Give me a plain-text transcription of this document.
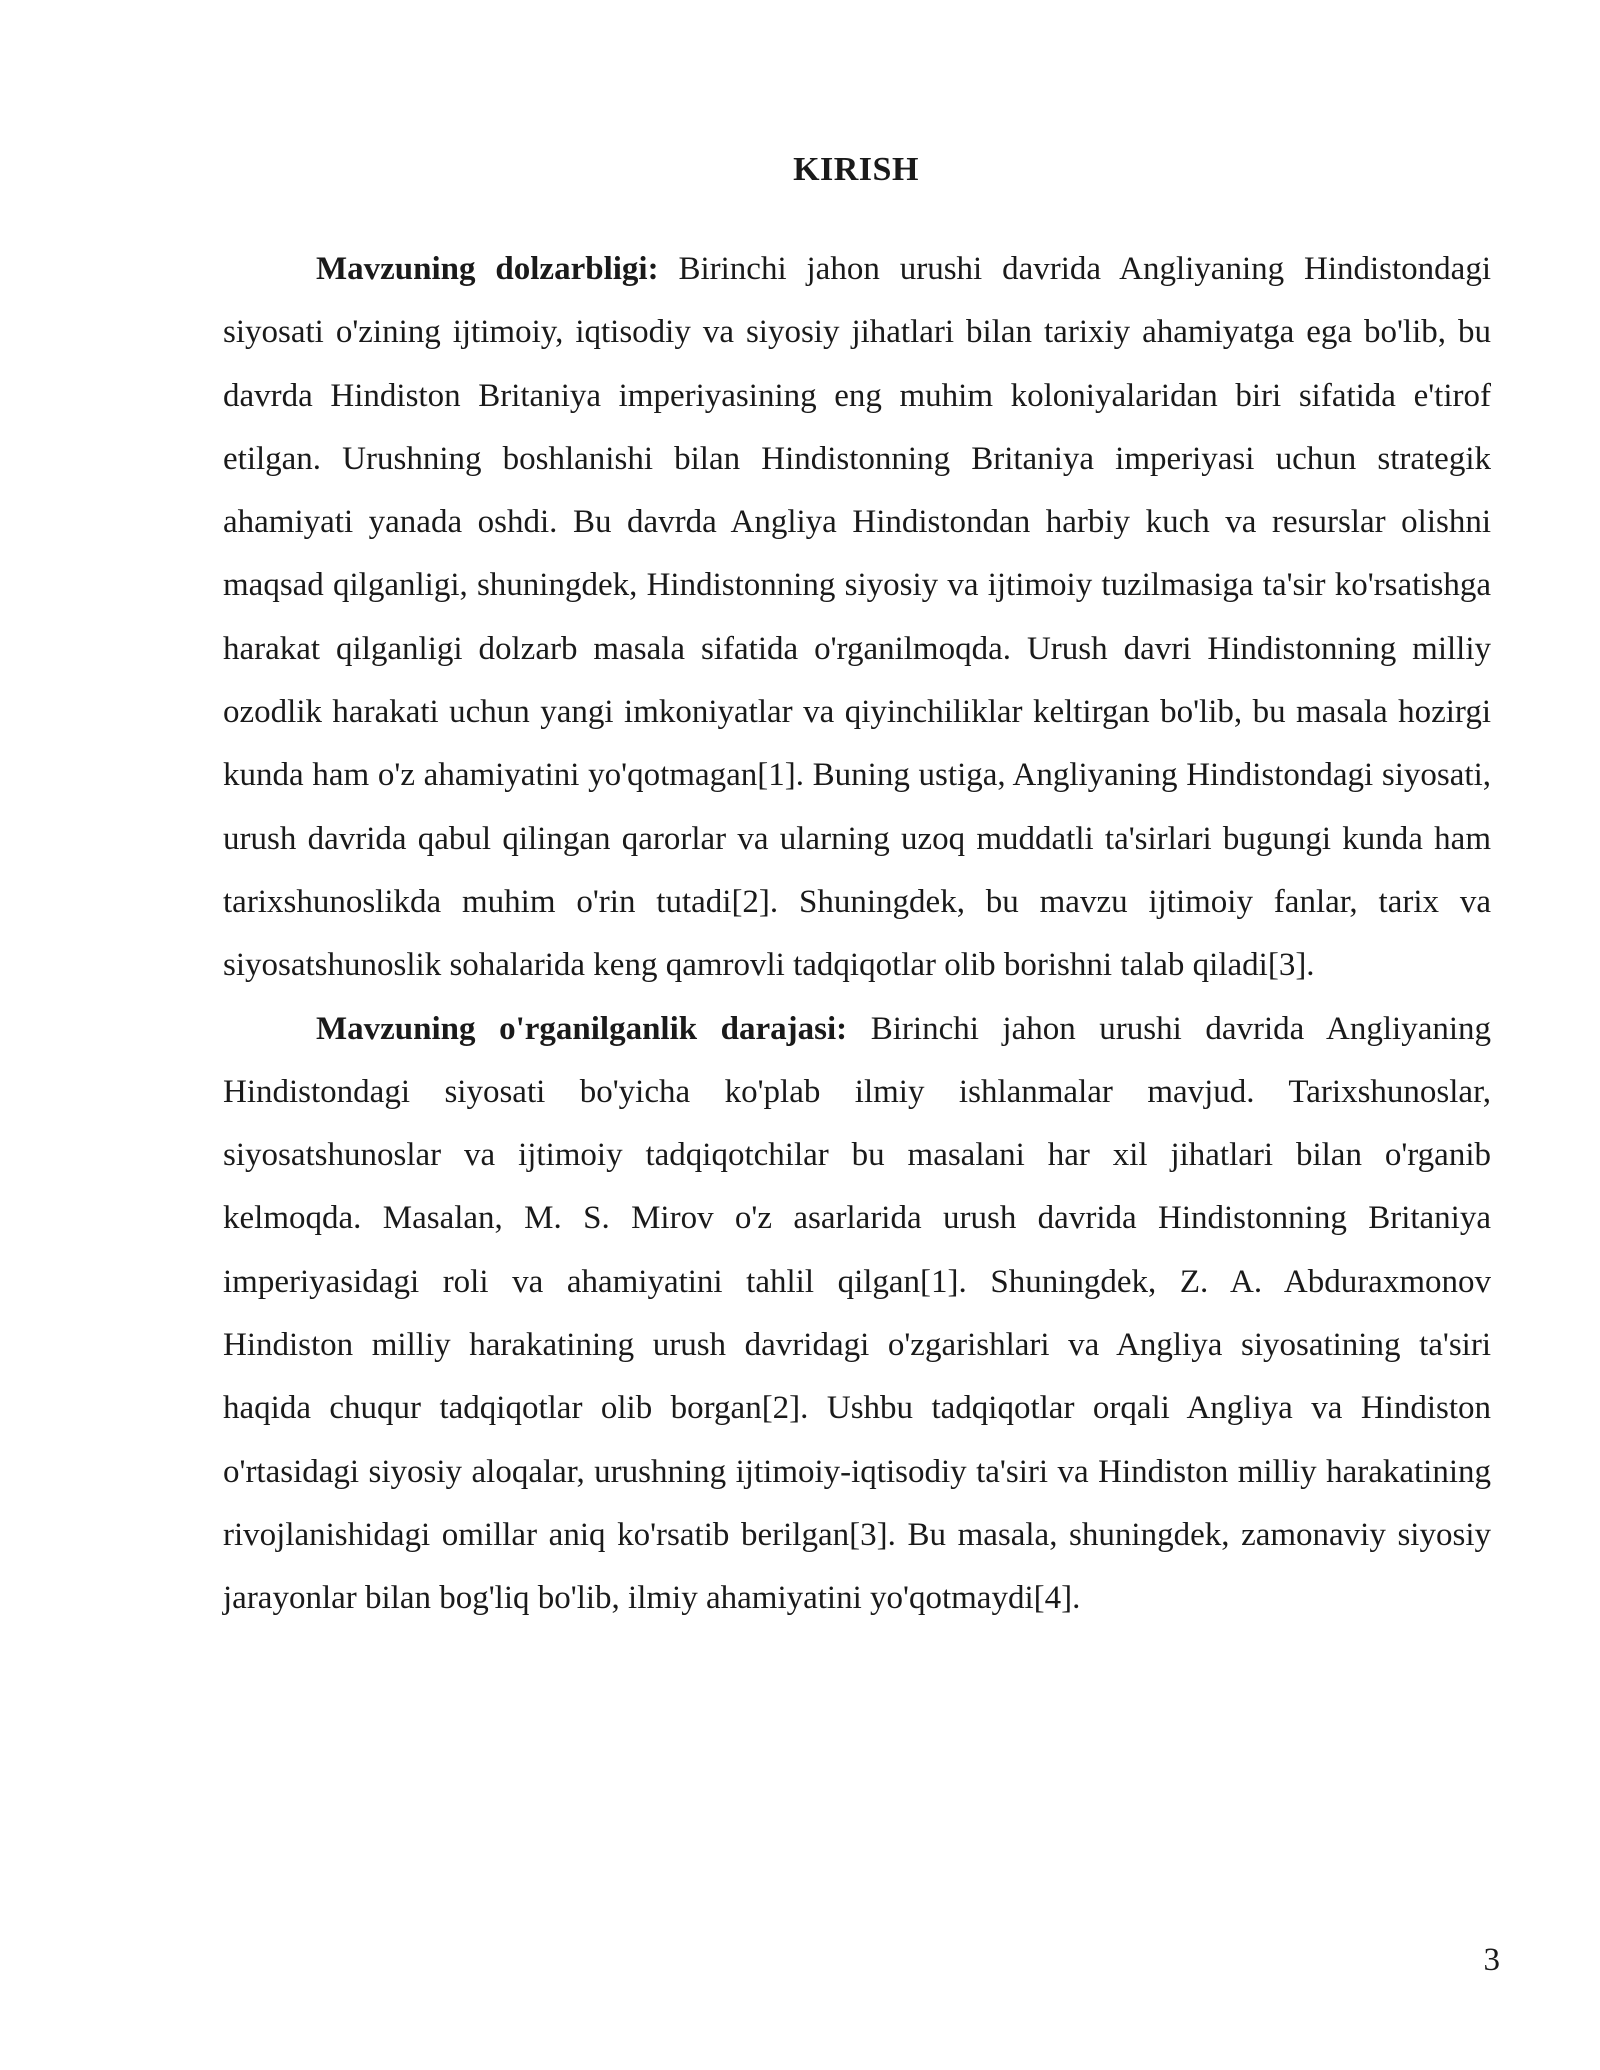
KIRISH

Mavzuning dolzarbligi: Birinchi jahon urushi davrida Angliyaning Hindistondagi siyosati o'zining ijtimoiy, iqtisodiy va siyosiy jihatlari bilan tarixiy ahamiyatga ega bo'lib, bu davrda Hindiston Britaniya imperiyasining eng muhim koloniyalaridan biri sifatida e'tirof etilgan. Urushning boshlanishi bilan Hindistonning Britaniya imperiyasi uchun strategik ahamiyati yanada oshdi. Bu davrda Angliya Hindistondan harbiy kuch va resurslar olishni maqsad qilganligi, shuningdek, Hindistonning siyosiy va ijtimoiy tuzilmasiga ta'sir ko'rsatishga harakat qilganligi dolzarb masala sifatida o'rganilmoqda. Urush davri Hindistonning milliy ozodlik harakati uchun yangi imkoniyatlar va qiyinchiliklar keltirgan bo'lib, bu masala hozirgi kunda ham o'z ahamiyatini yo'qotmagan[1]. Buning ustiga, Angliyaning Hindistondagi siyosati, urush davrida qabul qilingan qarorlar va ularning uzoq muddatli ta'sirlari bugungi kunda ham tarixshunoslikda muhim o'rin tutadi[2]. Shuningdek, bu mavzu ijtimoiy fanlar, tarix va siyosatshunoslik sohalarida keng qamrovli tadqiqotlar olib borishni talab qiladi[3].

Mavzuning o'rganilganlik darajasi: Birinchi jahon urushi davrida Angliyaning Hindistondagi siyosati bo'yicha ko'plab ilmiy ishlanmalar mavjud. Tarixshunoslar, siyosatshunoslar va ijtimoiy tadqiqotchilar bu masalani har xil jihatlari bilan o'rganib kelmoqda. Masalan, M. S. Mirov o'z asarlarida urush davrida Hindistonning Britaniya imperiyasidagi roli va ahamiyatini tahlil qilgan[1]. Shuningdek, Z. A. Abduraxmonov Hindiston milliy harakatining urush davridagi o'zgarishlari va Angliya siyosatining ta'siri haqida chuqur tadqiqotlar olib borgan[2]. Ushbu tadqiqotlar orqali Angliya va Hindiston o'rtasidagi siyosiy aloqalar, urushning ijtimoiy-iqtisodiy ta'siri va Hindiston milliy harakatining rivojlanishidagi omillar aniq ko'rsatib berilgan[3]. Bu masala, shuningdek, zamonaviy siyosiy jarayonlar bilan bog'liq bo'lib, ilmiy ahamiyatini yo'qotmaydi[4].

3
